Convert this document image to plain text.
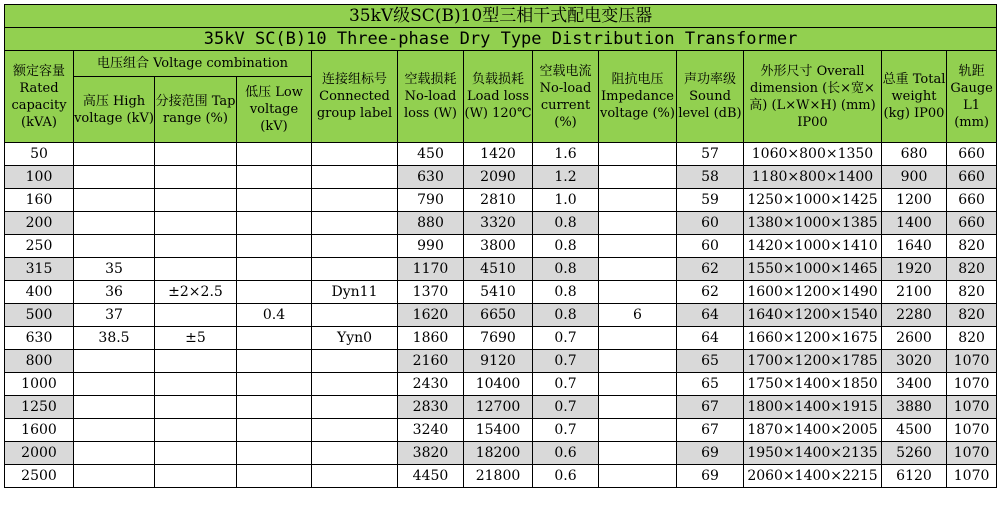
35kV级SC(B)10型三相干式配电变压器												
35kV SC(B)10 Three-phase Dry Type Distribution Transformer												
额定容量 Rated capacity (kVA)	电压组合 Voltage combination			连接组标号 Connected group label	空载损耗 No-load loss (W)	负载损耗 Load loss (W) 120℃	空载电流 No-load current (%)	阻抗电压 Impedance voltage (%)	声功率级 Sound level (dB)	外形尺寸 Overall dimension (长×宽×高) (L×W×H) (mm) IP00	总重 Total weight (kg) IP00	轨距 Gauge L1 (mm)
	高压 High voltage (kV)	分接范围 Tap range (%)	低压 Low voltage (kV)									
50					450	1420	1.6		57	1060×800×1350	680	660
100					630	2090	1.2		58	1180×800×1400	900	660
160					790	2810	1.0		59	1250×1000×1425	1200	660
200					880	3320	0.8		60	1380×1000×1385	1400	660
250					990	3800	0.8		60	1420×1000×1410	1640	820
315	35				1170	4510	0.8		62	1550×1000×1465	1920	820
400	36	±2×2.5		Dyn11	1370	5410	0.8		62	1600×1200×1490	2100	820
500	37		0.4		1620	6650	0.8	6	64	1640×1200×1540	2280	820
630	38.5	±5		Yyn0	1860	7690	0.7		64	1660×1200×1675	2600	820
800					2160	9120	0.7		65	1700×1200×1785	3020	1070
1000					2430	10400	0.7		65	1750×1400×1850	3400	1070
1250					2830	12700	0.7		67	1800×1400×1915	3880	1070
1600					3240	15400	0.7		67	1870×1400×2005	4500	1070
2000					3820	18200	0.6		69	1950×1400×2135	5260	1070
2500					4450	21800	0.6		69	2060×1400×2215	6120	1070
